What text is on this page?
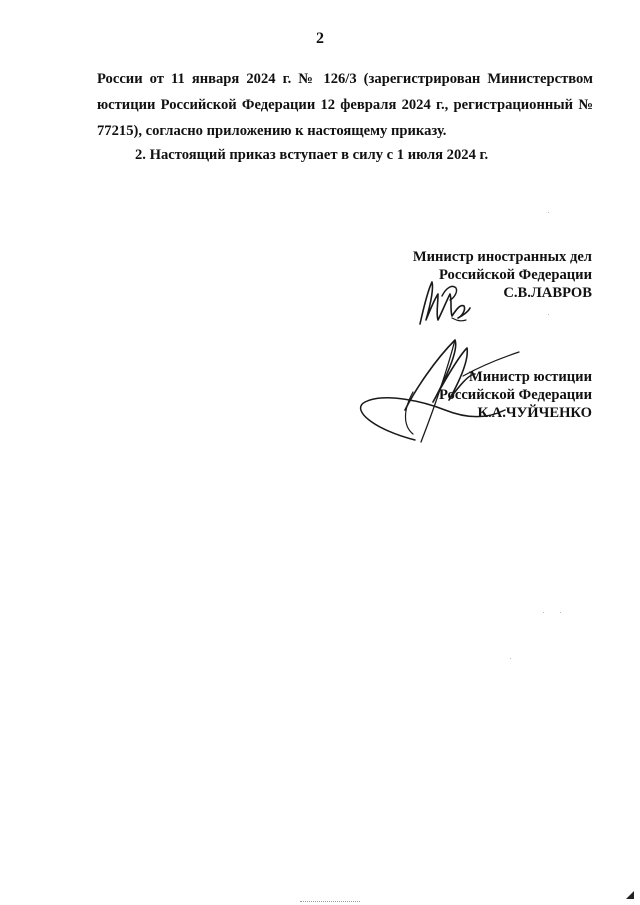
2

России от 11 января 2024 г. № 126/3 (зарегистрирован Министерством юстиции Российской Федерации 12 февраля 2024 г., регистрационный № 77215), согласно приложению к настоящему приказу.

2. Настоящий приказ вступает в силу с 1 июля 2024 г.

Министр иностранных дел
Российской Федерации
С.В.ЛАВРОВ
Министр юстиции
Российской Федерации
К.А.ЧУЙЧЕНКО
